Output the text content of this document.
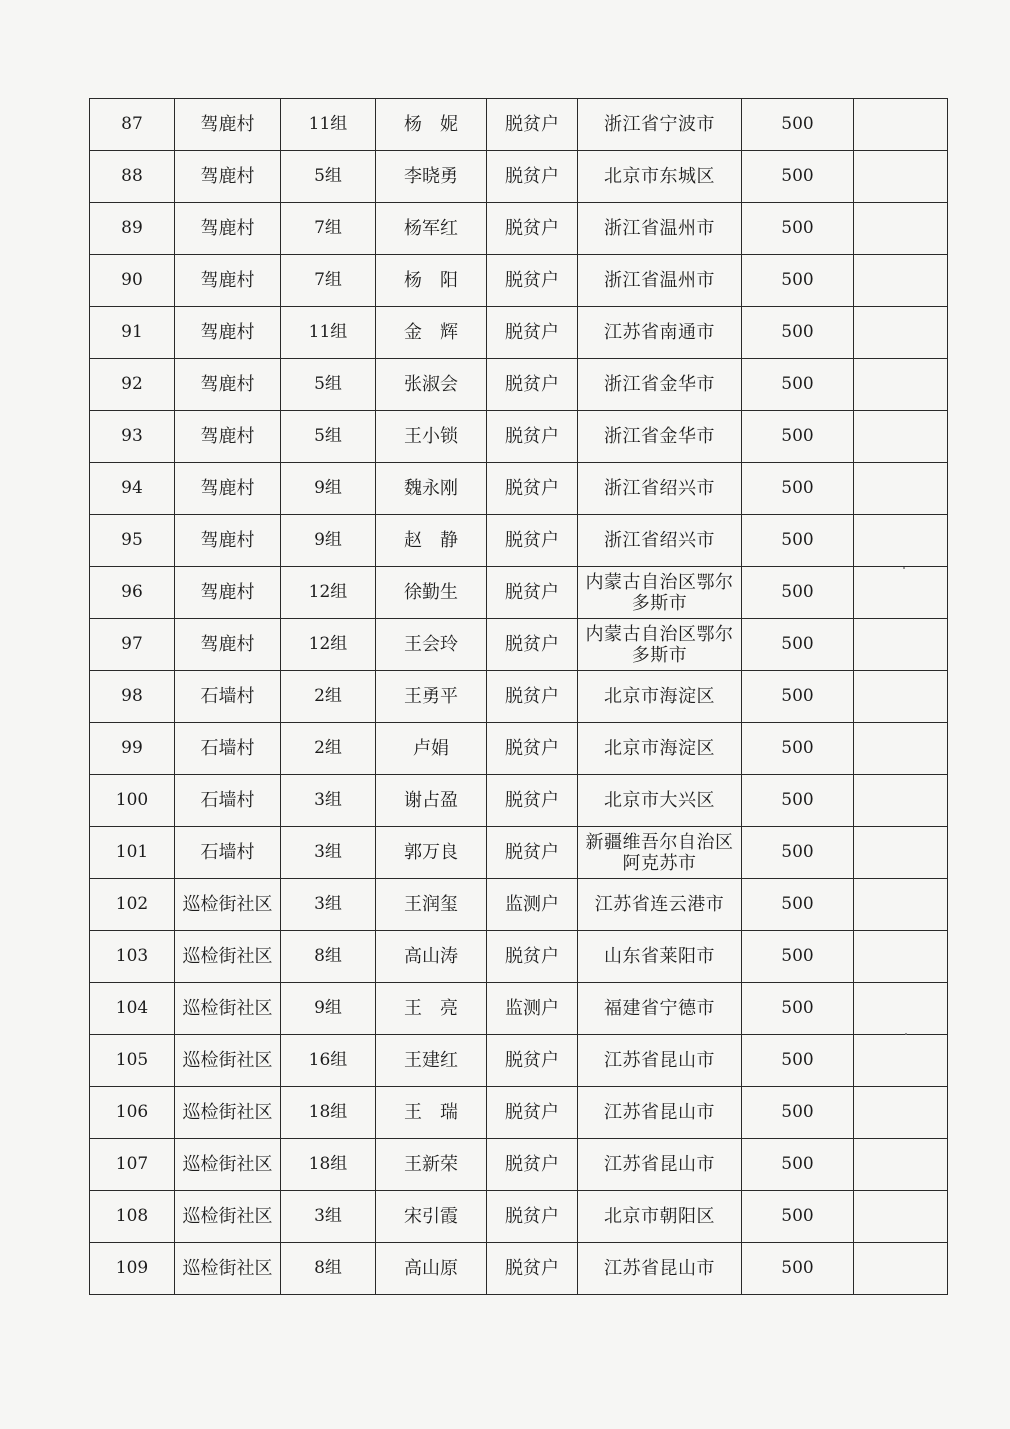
87	驾鹿村	11组	杨　妮	脱贫户	浙江省宁波市	500	
88	驾鹿村	5组	李晓勇	脱贫户	北京市东城区	500	
89	驾鹿村	7组	杨军红	脱贫户	浙江省温州市	500	
90	驾鹿村	7组	杨　阳	脱贫户	浙江省温州市	500	
91	驾鹿村	11组	金　辉	脱贫户	江苏省南通市	500	
92	驾鹿村	5组	张淑会	脱贫户	浙江省金华市	500	
93	驾鹿村	5组	王小锁	脱贫户	浙江省金华市	500	
94	驾鹿村	9组	魏永刚	脱贫户	浙江省绍兴市	500	
95	驾鹿村	9组	赵　静	脱贫户	浙江省绍兴市	500	
96	驾鹿村	12组	徐勤生	脱贫户	内蒙古自治区鄂尔多斯市	500	
97	驾鹿村	12组	王会玲	脱贫户	内蒙古自治区鄂尔多斯市	500	
98	石墙村	2组	王勇平	脱贫户	北京市海淀区	500	
99	石墙村	2组	卢娟	脱贫户	北京市海淀区	500	
100	石墙村	3组	谢占盈	脱贫户	北京市大兴区	500	
101	石墙村	3组	郭万良	脱贫户	新疆维吾尔自治区阿克苏市	500	
102	巡检街社区	3组	王润玺	监测户	江苏省连云港市	500	
103	巡检街社区	8组	高山涛	脱贫户	山东省莱阳市	500	
104	巡检街社区	9组	王　亮	监测户	福建省宁德市	500	
105	巡检街社区	16组	王建红	脱贫户	江苏省昆山市	500	
106	巡检街社区	18组	王　瑞	脱贫户	江苏省昆山市	500	
107	巡检街社区	18组	王新荣	脱贫户	江苏省昆山市	500	
108	巡检街社区	3组	宋引霞	脱贫户	北京市朝阳区	500	
109	巡检街社区	8组	高山原	脱贫户	江苏省昆山市	500	
